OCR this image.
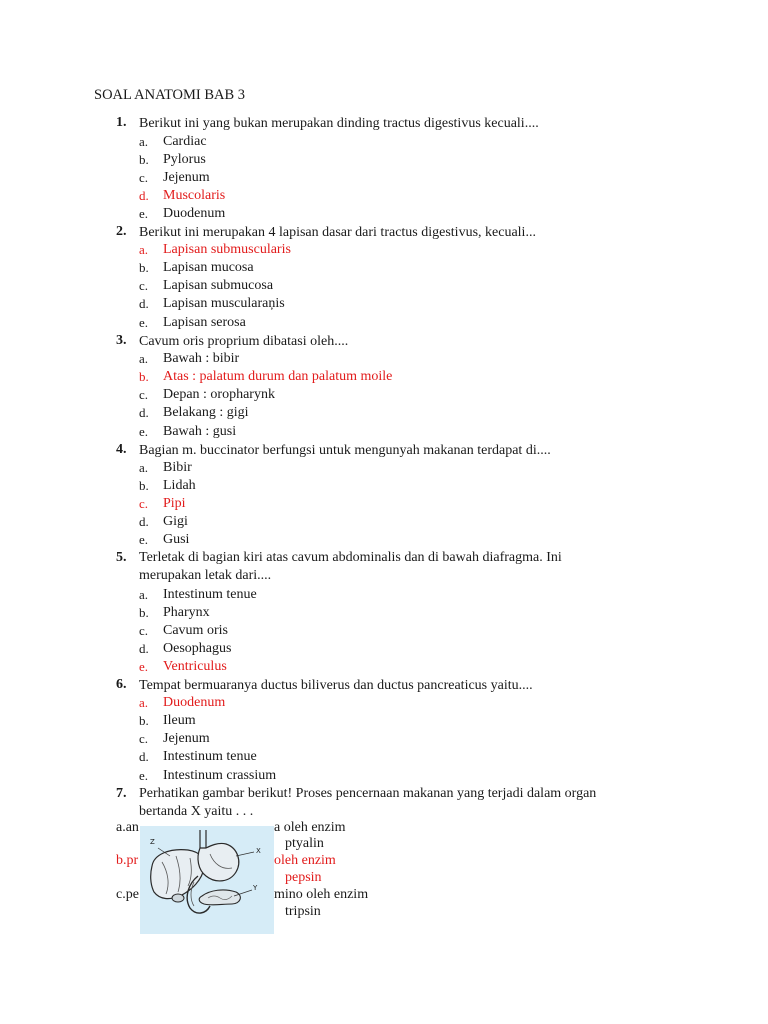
SOAL ANATOMI BAB 3
1. Berikut ini yang bukan merupakan dinding tractus digestivus kecuali....
a. Cardiac
b. Pylorus
c. Jejenum
d. Muscolaris
e. Duodenum
2. Berikut ini merupakan 4 lapisan dasar dari tractus digestivus, kecuali...
a. Lapisan submuscularis
b. Lapisan mucosa
c. Lapisan submucosa
d. Lapisan muscularaņis
e. Lapisan serosa
3. Cavum oris proprium dibatasi oleh....
a. Bawah : bibir
b. Atas : palatum durum dan palatum moile
c. Depan : oropharynk
d. Belakang : gigi
e. Bawah : gusi
4. Bagian m. buccinator berfungsi untuk mengunyah makanan terdapat di....
a. Bibir
b. Lidah
c. Pipi
d. Gigi
e. Gusi
5. Terletak di bagian kiri atas cavum abdominalis dan di bawah diafragma. Ini
merupakan letak dari....
a. Intestinum tenue
b. Pharynx
c. Cavum oris
d. Oesophagus
e. Ventriculus
6. Tempat bermuaranya ductus biliverus dan ductus pancreaticus yaitu....
a. Duodenum
b. Ileum
c. Jejenum
d. Intestinum tenue
e. Intestinum crassium
7. Perhatikan gambar berikut! Proses pencernaan makanan yang terjadi dalam organ
bertanda X yaitu . . .
a.an	a oleh enzim
ptyalin
b.pr	oleh enzim
pepsin
c.pe	mino oleh enzim
tripsin
Z
X
Y
